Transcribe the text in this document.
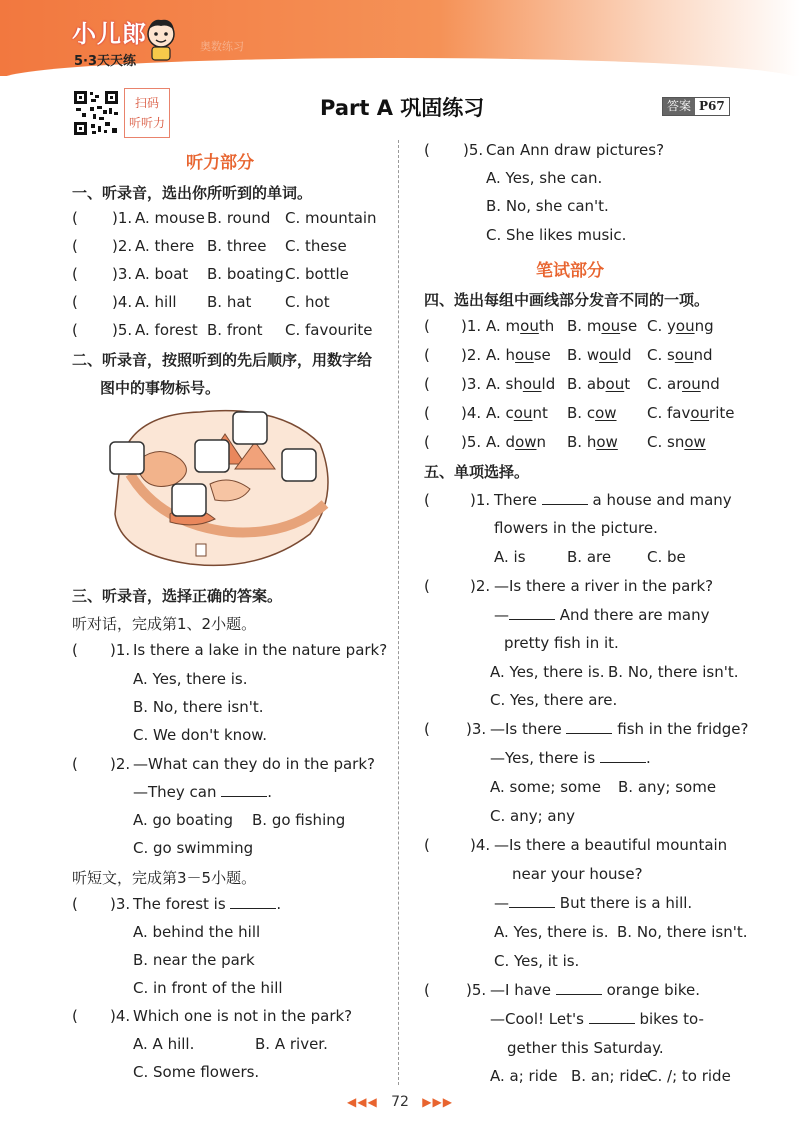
小儿郎
5·3天天练
奥数练习
扫码
听听力
Part A 巩固练习	答案 P67
听力部分
一、听录音，选出你所听到的单词。
( )1. A. mouse B. round C. mountain
( )2. A. there B. three C. these
( )3. A. boat B. boating C. bottle
( )4. A. hill B. hat C. hot
( )5. A. forest B. front C. favourite
二、听录音，按照听到的先后顺序，用数字给
图中的事物标号。
三、听录音，选择正确的答案。
听对话，完成第1、2小题。
( )1. Is there a lake in the nature park?
A. Yes, there is.
B. No, there isn't.
C. We don't know.
( )2. —What can they do in the park?
—They can	.
A. go boating B. go fishing
C. go swimming
听短文，完成第3－5小题。
( )3. The forest is	.
A. behind the hill
B. near the park
C. in front of the hill
( )4. Which one is not in the park?
A. A hill.	B. A river.
C. Some flowers.
( )5. Can Ann draw pictures?
A. Yes, she can.
B. No, she can't.
C. She likes music.
笔试部分
四、选出每组中画线部分发音不同的一项。
( )1. A. mouth B. mouse C. young
( )2. A. house B. would C. sound
( )3. A. should B. about C. around
( )4. A. count B. cow C. favourite
( )5. A. down B. how C. snow
五、单项选择。
(	)1. There	a house and many
flowers in the picture.
A. is	B. are C. be
(	)2. —Is there a river in the park?
—	And there are many
pretty fish in it.
A. Yes, there is. B. No, there isn't.
C. Yes, there are.
( )3. —Is there	fish in the fridge?
—Yes, there is	.
A. some; some B. any; some
C. any; any
(	)4. —Is there a beautiful mountain
near your house?
—	But there is a hill.
A. Yes, there is. B. No, there isn't.
C. Yes, it is.
( )5. —I have	orange bike.
—Cool! Let's	bikes to-
gether this Saturday.
A. a; ride B. an; ride
C. /; to ride
◀◀◀ 72 ▶▶▶
